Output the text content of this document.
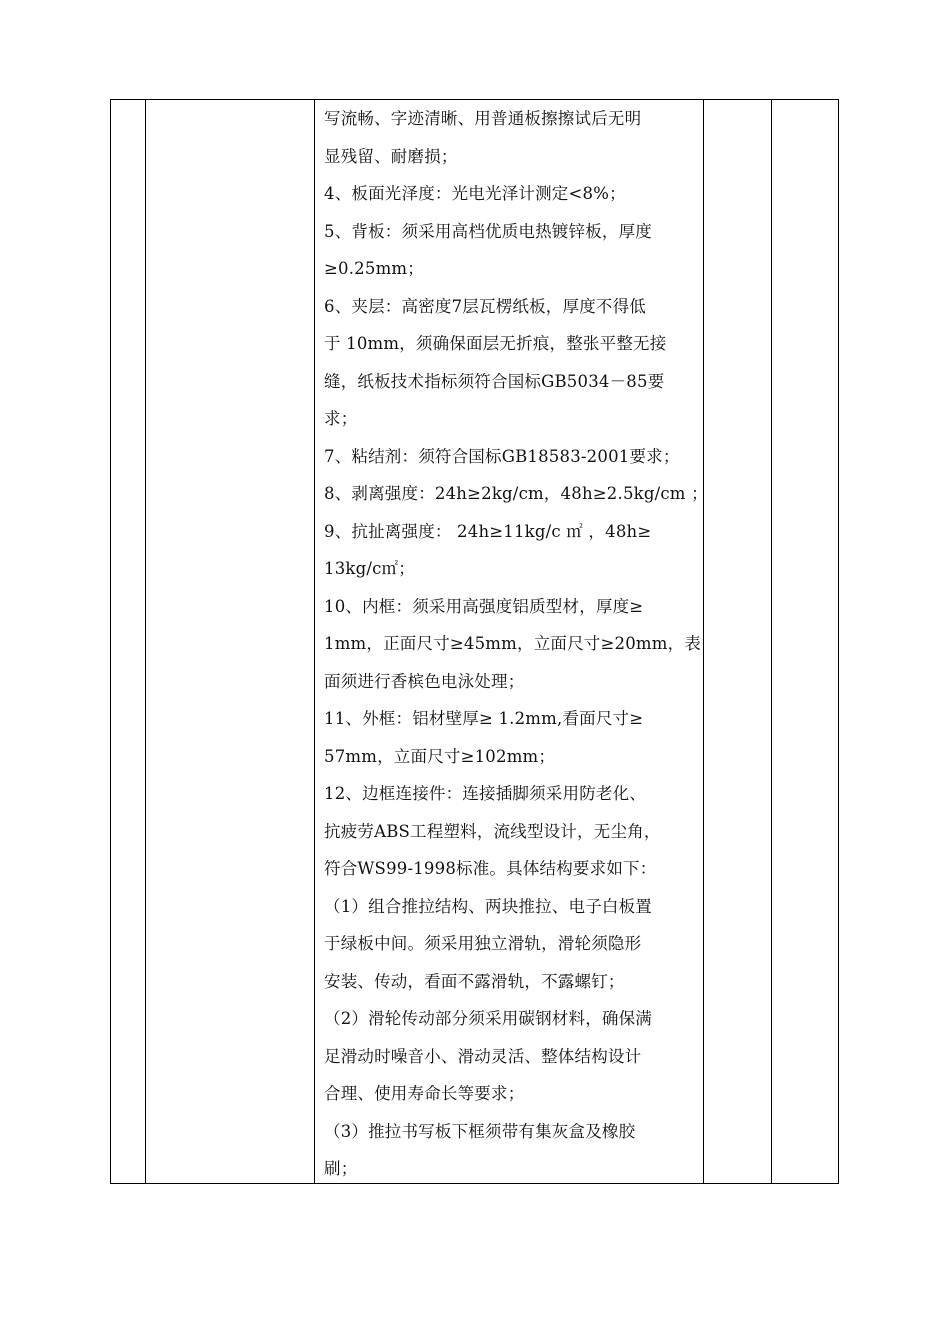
写流畅、字迹清晰、用普通板擦擦试后无明
显残留、耐磨损；
4、板面光泽度：光电光泽计测定<8%；
5、背板：须采用高档优质电热镀锌板，厚度
≥0.25mm；
6、夹层：高密度7层瓦楞纸板，厚度不得低
于 10mm，须确保面层无折痕，整张平整无接
缝，纸板技术指标须符合国标GB5034－85要
求；
7、粘结剂：须符合国标GB18583-2001要求；
8、剥离强度：24h≥2kg/cm，48h≥2.5kg/cm ；
9、抗扯离强度： 24h≥11kg/c ㎡ ，48h≥
13kg/c㎡；
10、内框：须采用高强度铝质型材，厚度≥
1mm，正面尺寸≥45mm，立面尺寸≥20mm，表
面须进行香槟色电泳处理；
11、外框：铝材壁厚≥ 1.2mm,看面尺寸≥
57mm，立面尺寸≥102mm；
12、边框连接件：连接插脚须采用防老化、
抗疲劳ABS工程塑料，流线型设计，无尘角，
符合WS99-1998标准。具体结构要求如下：
（1）组合推拉结构、两块推拉、电子白板置
于绿板中间。须采用独立滑轨，滑轮须隐形
安装、传动，看面不露滑轨，不露螺钉；
（2）滑轮传动部分须采用碳钢材料，确保满
足滑动时噪音小、滑动灵活、整体结构设计
合理、使用寿命长等要求；
（3）推拉书写板下框须带有集灰盒及橡胶
刷；
